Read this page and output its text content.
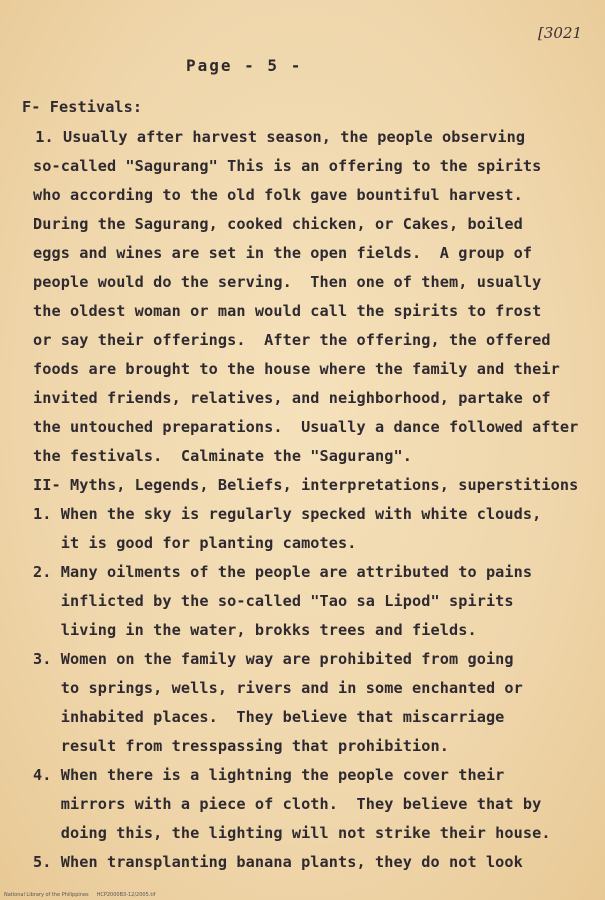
[3021
Page - 5 -
F- Festivals:
1. Usually after harvest season, the people observing
so-called "Sagurang" This is an offering to the spirits
who according to the old folk gave bountiful harvest.
During the Sagurang, cooked chicken, or Cakes, boiled
eggs and wines are set in the open fields.  A group of
people would do the serving.  Then one of them, usually
the oldest woman or man would call the spirits to frost
or say their offerings.  After the offering, the offered
foods are brought to the house where the family and their
invited friends, relatives, and neighborhood, partake of
the untouched preparations.  Usually a dance followed after
the festivals.  Calminate the "Sagurang".
II- Myths, Legends, Beliefs, interpretations, superstitions
1. When the sky is regularly specked with white clouds,
it is good for planting camotes.
2. Many oilments of the people are attributed to pains
inflicted by the so-called "Tao sa Lipod" spirits
living in the water, brokks trees and fields.
3. Women on the family way are prohibited from going
to springs, wells, rivers and in some enchanted or
inhabited places.  They believe that miscarriage
result from tresspassing that prohibition.
4. When there is a lightning the people cover their
mirrors with a piece of cloth.  They believe that by
doing this, the lighting will not strike their house.
5. When transplanting banana plants, they do not look
National Library of the Philippines     HCP2000B3-12/2005.tif
